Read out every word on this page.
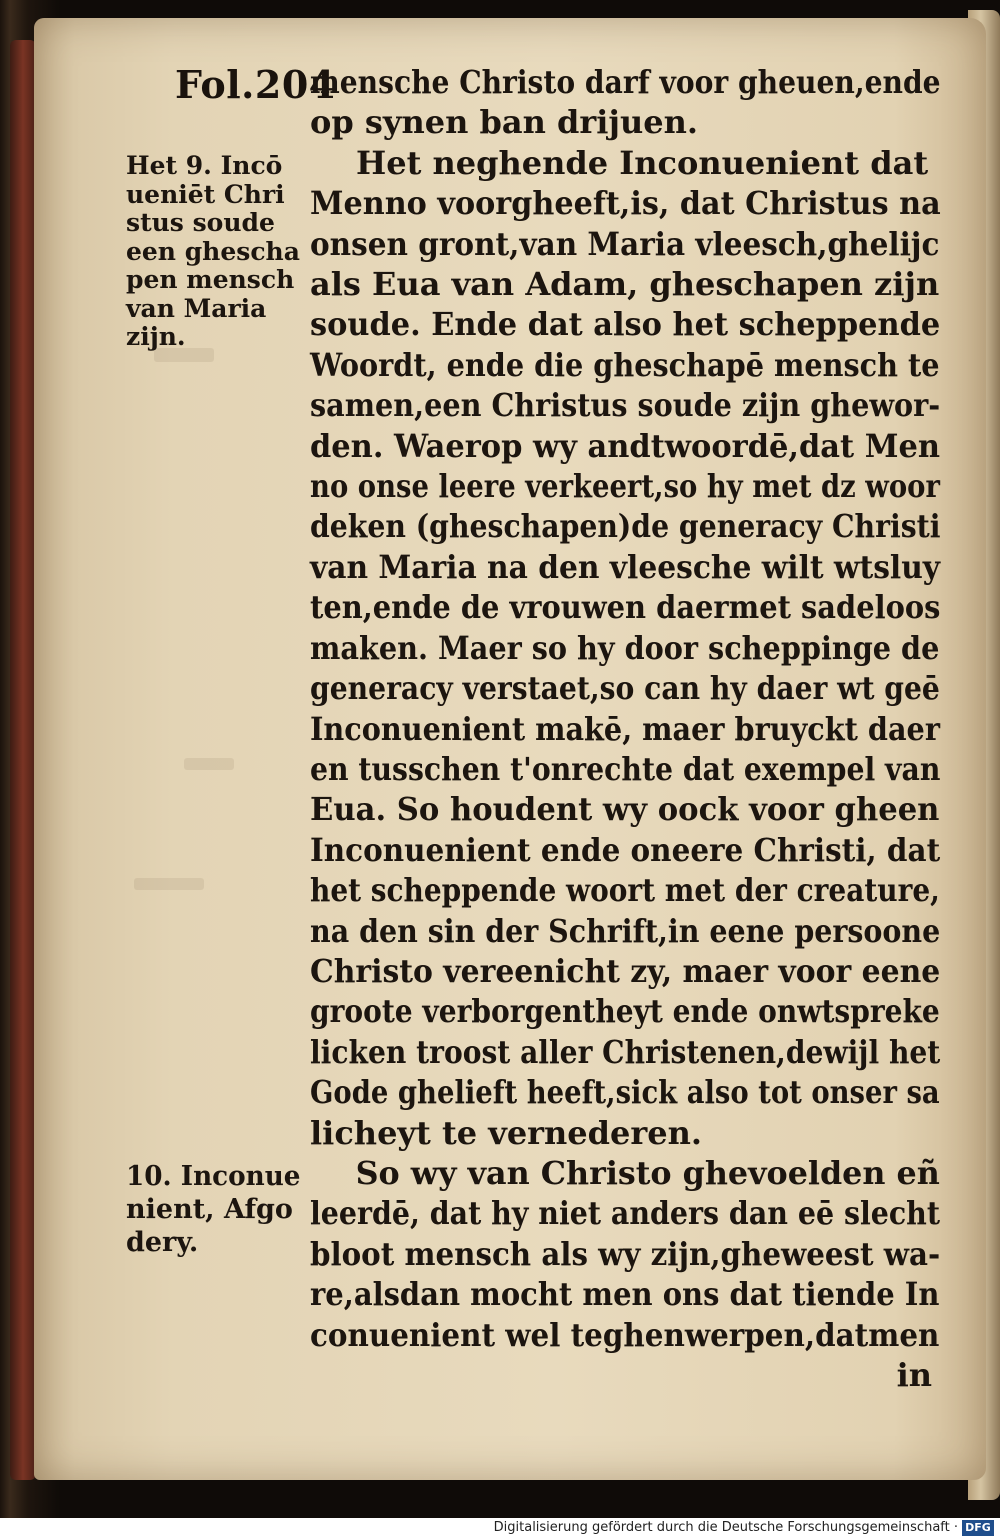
Fol.204
Het 9. Incō
ueniēt Chri
stus soude
een ghescha
pen mensch
van Maria
zijn.
10. Inconue
nient, Afgo
dery.
mensche Christo darf voor gheuen,ende
op synen ban drijuen.
Het neghende Inconuenient dat
Menno voorgheeft,is, dat Christus na
onsen gront,van Maria vleesch,ghelijc
als Eua van Adam, gheschapen zijn
soude. Ende dat also het scheppende
Woordt, ende die gheschapē mensch te
samen,een Christus soude zijn ghewor-
den. Waerop wy andtwoordē,dat Men
no onse leere verkeert,so hy met dz woor
deken (gheschapen)de generacy Christi
van Maria na den vleesche wilt wtsluy
ten,ende de vrouwen daermet sadeloos
maken. Maer so hy door scheppinge de
generacy verstaet,so can hy daer wt geē
Inconuenient makē, maer bruyckt daer
en tusschen t'onrechte dat exempel van
Eua. So houdent wy oock voor gheen
Inconuenient ende oneere Christi, dat
het scheppende woort met der creature,
na den sin der Schrift,in eene persoone
Christo vereenicht zy, maer voor eene
groote verborgentheyt ende onwtspreke
licken troost aller Christenen,dewijl het
Gode ghelieft heeft,sick also tot onser sa
licheyt te vernederen.
So wy van Christo ghevoelden eñ
leerdē, dat hy niet anders dan eē slecht
bloot mensch als wy zijn,gheweest wa-
re,alsdan mocht men ons dat tiende In
conuenient wel teghenwerpen,datmen
in
Digitalisierung gefördert durch die Deutsche Forschungsgemeinschaft · DFG
